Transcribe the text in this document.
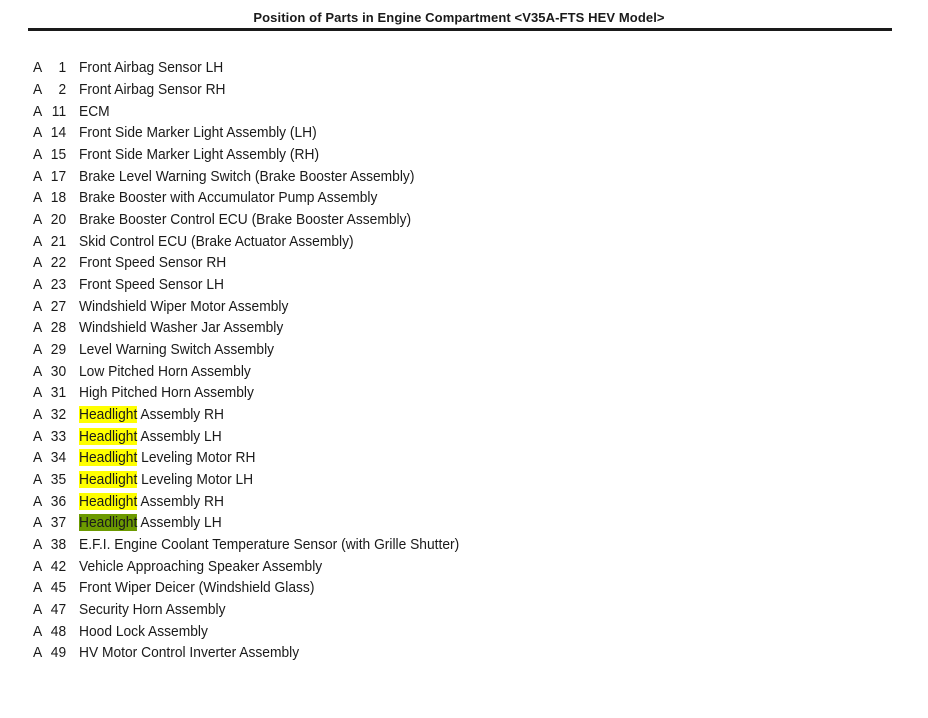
Position of Parts in Engine Compartment <V35A-FTS HEV Model>
A	1 Front Airbag Sensor LH
A	2 Front Airbag Sensor RH
A 11 ECM
A 14 Front Side Marker Light Assembly (LH)
A 15 Front Side Marker Light Assembly (RH)
A 17 Brake Level Warning Switch (Brake Booster Assembly)
A 18 Brake Booster with Accumulator Pump Assembly
A 20 Brake Booster Control ECU (Brake Booster Assembly)
A 21 Skid Control ECU (Brake Actuator Assembly)
A 22 Front Speed Sensor RH
A 23 Front Speed Sensor LH
A 27 Windshield Wiper Motor Assembly
A 28 Windshield Washer Jar Assembly
A 29 Level Warning Switch Assembly
A 30 Low Pitched Horn Assembly
A 31 High Pitched Horn Assembly
A 32 Headlight Assembly RH
A 33 Headlight Assembly LH
A 34 Headlight Leveling Motor RH
A 35 Headlight Leveling Motor LH
A 36 Headlight Assembly RH
A 37 Headlight Assembly LH
A 38 E.F.I. Engine Coolant Temperature Sensor (with Grille Shutter)
A 42 Vehicle Approaching Speaker Assembly
A 45 Front Wiper Deicer (Windshield Glass)
A 47 Security Horn Assembly
A 48 Hood Lock Assembly
A 49 HV Motor Control Inverter Assembly
